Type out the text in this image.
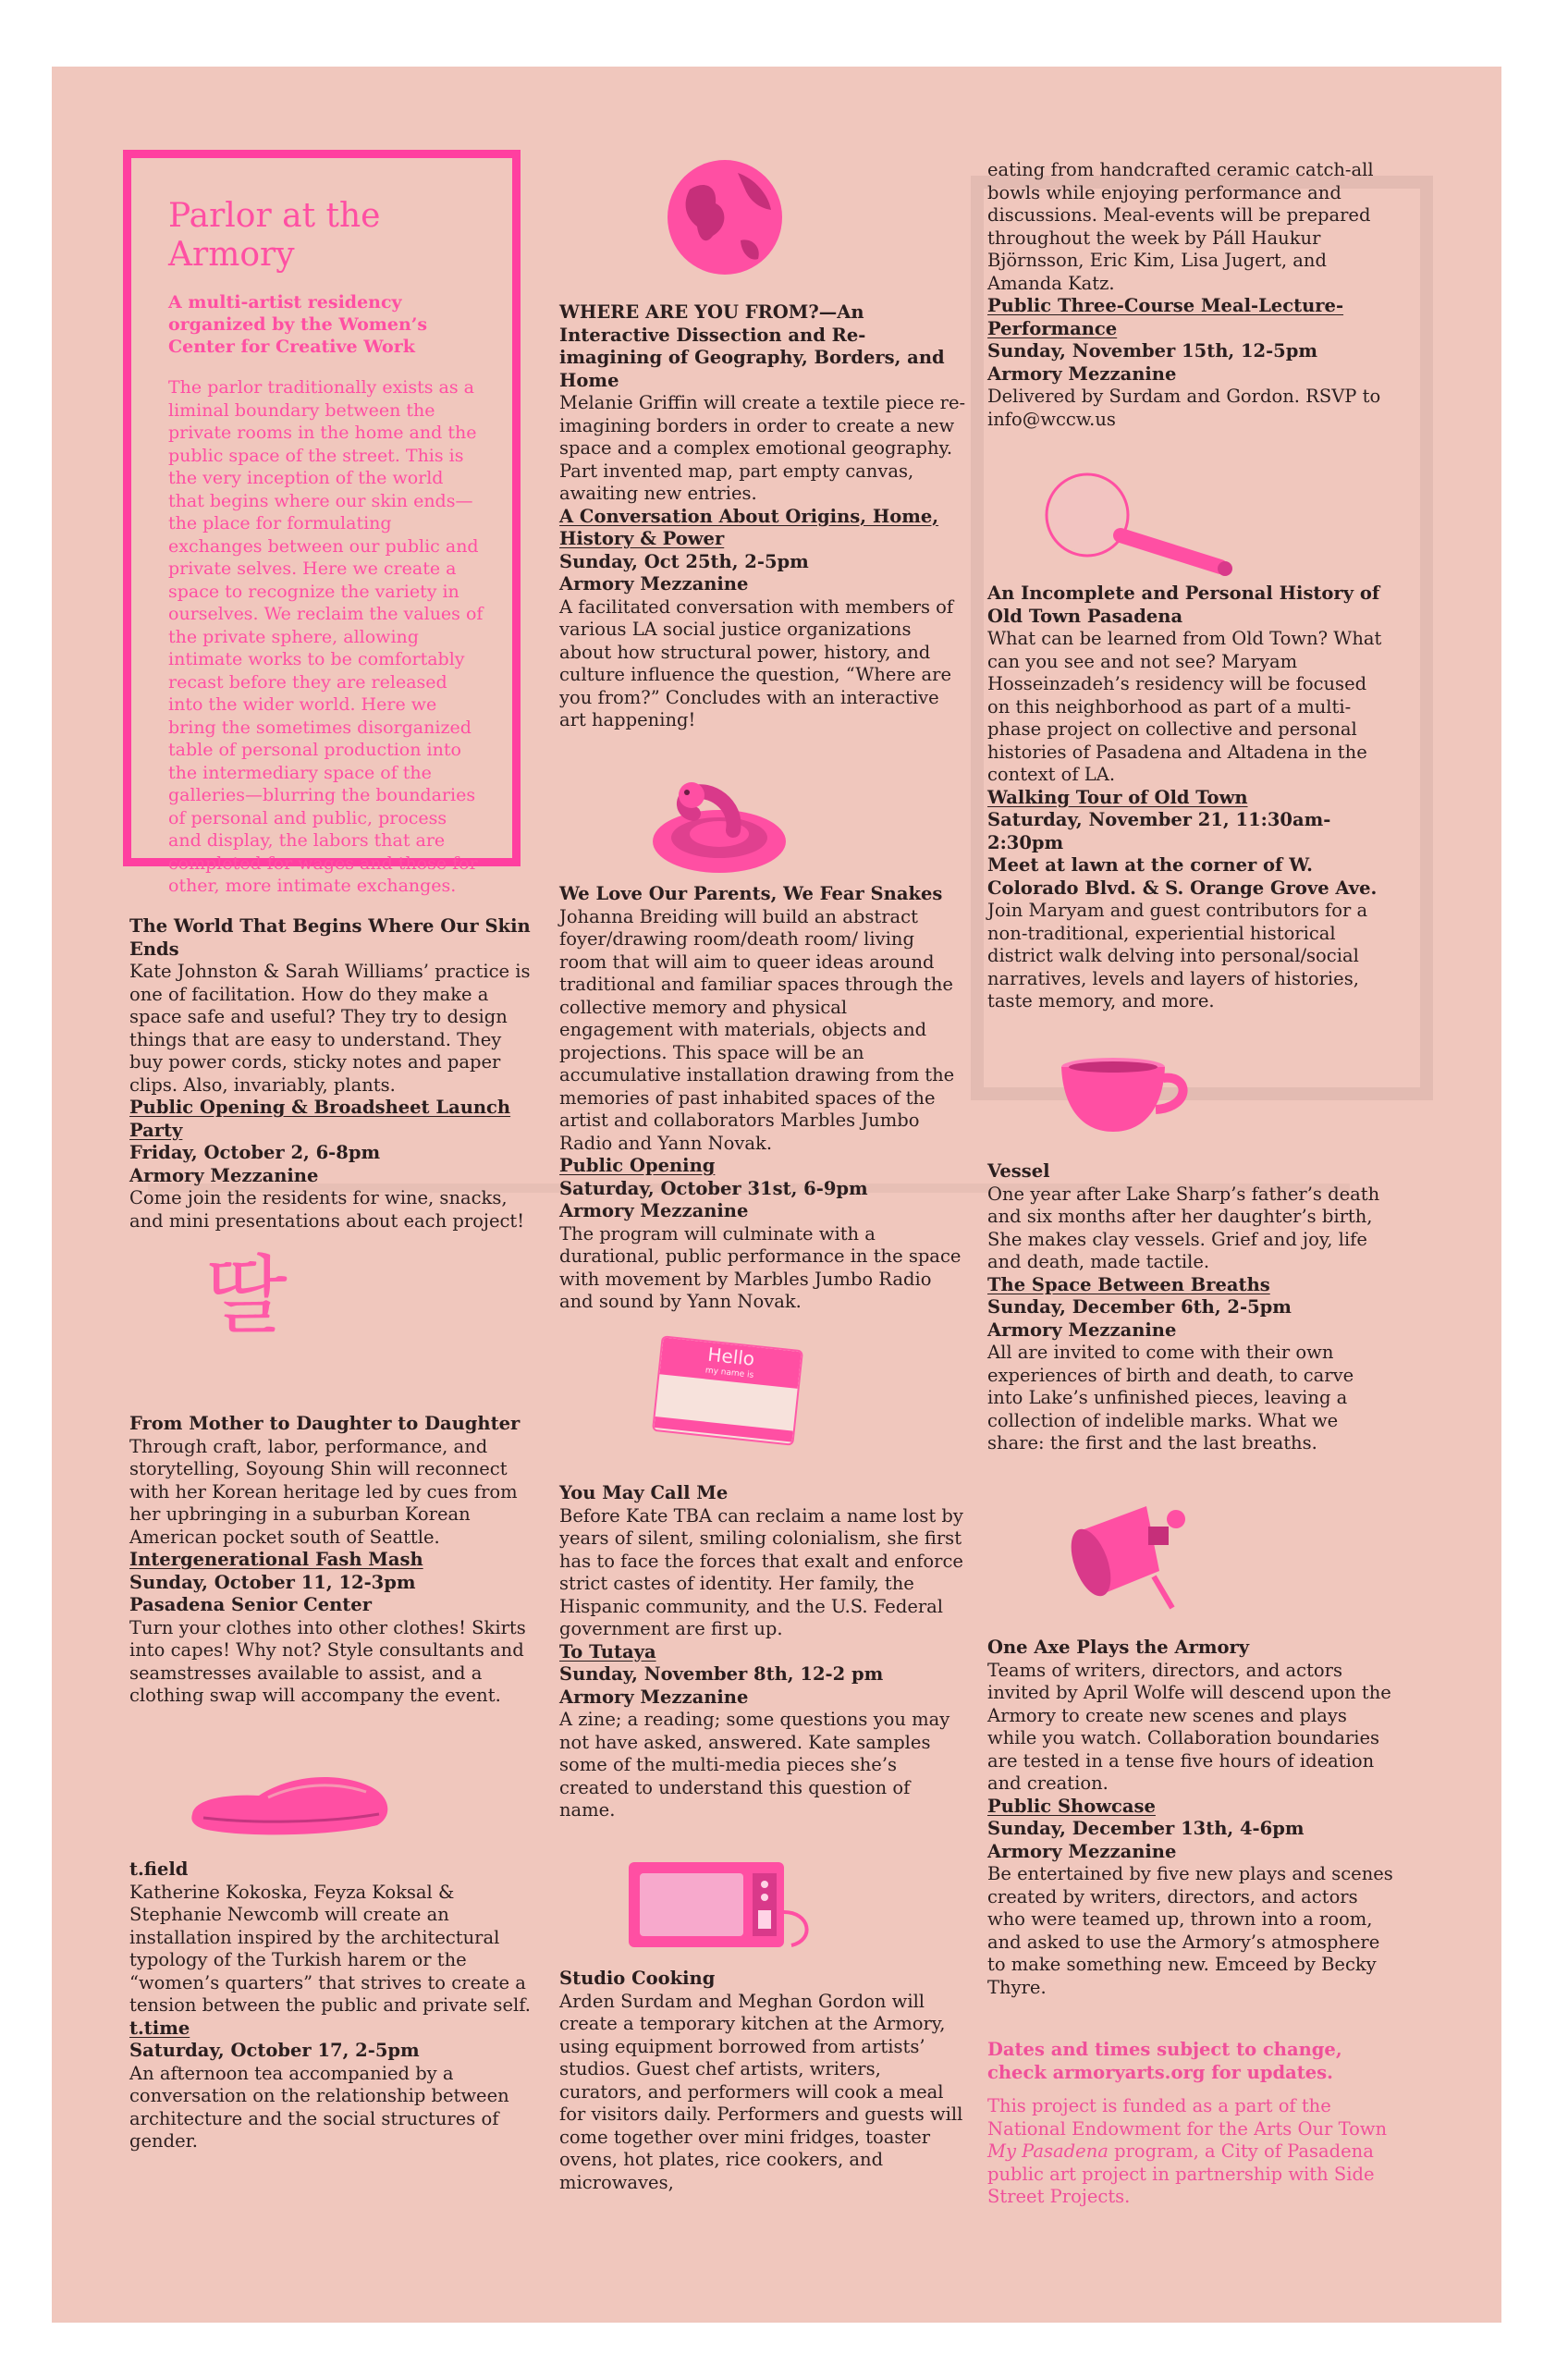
Parlor at the Armory
A multi-artist residency organized by the Women’s Center for Creative Work
The parlor traditionally exists as a liminal boundary between the private rooms in the home and the public space of the street. This is the very inception of the world that begins where our skin ends—the place for formulating exchanges between our public and private selves. Here we create a space to recognize the variety in ourselves. We reclaim the values of the private sphere, allowing intimate works to be comfortably recast before they are released into the wider world. Here we bring the sometimes disorganized table of personal production into the intermediary space of the galleries—blurring the boundaries of personal and public, process and display, the labors that are completed for wages and those for other, more intimate exchanges.
The World That Begins Where Our Skin Ends

Kate Johnston & Sarah Williams’ practice is one of facilitation. How do they make a space safe and useful? They try to design things that are easy to understand. They buy power cords, sticky notes and paper clips. Also, invariably, plants.

Public Opening & Broadsheet Launch Party
Friday, October 2, 6-8pm
Armory Mezzanine

Come join the residents for wine, snacks, and mini presentations about each project!

딸
From Mother to Daughter to Daughter

Through craft, labor, performance, and storytelling, Soyoung Shin will reconnect with her Korean heritage led by cues from her upbringing in a suburban Korean American pocket south of Seattle.

Intergenerational Fash Mash
Sunday, October 11, 12-3pm
Pasadena Senior Center

Turn your clothes into other clothes! Skirts into capes! Why not? Style consultants and seamstresses available to assist, and a clothing swap will accompany the event.

t.field

Katherine Kokoska, Feyza Koksal & Stephanie Newcomb will create an installation inspired by the architectural typology of the Turkish harem or the “women’s quarters” that strives to create a tension between the public and private self.

t.time
Saturday, October 17, 2-5pm

An afternoon tea accompanied by a conversation on the relationship between architecture and the social structures of gender.

WHERE ARE YOU FROM?—An Interactive Dissection and Re-imagining of Geography, Borders, and Home

Melanie Griffin will create a textile piece re-imagining borders in order to create a new space and a complex emotional geography. Part invented map, part empty canvas, awaiting new entries.

A Conversation About Origins, Home, History & Power
Sunday, Oct 25th, 2-5pm
Armory Mezzanine

A facilitated conversation with members of various LA social justice organizations about how structural power, history, and culture influence the question, “Where are you from?” Concludes with an interactive art happening!

We Love Our Parents, We Fear Snakes

Johanna Breiding will build an abstract foyer/drawing room/death room/ living room that will aim to queer ideas around traditional and familiar spaces through the collective memory and physical engagement with materials, objects and projections. This space will be an accumulative installation drawing from the memories of past inhabited spaces of the artist and collaborators Marbles Jumbo Radio and Yann Novak.

Public Opening
Saturday, October 31st, 6-9pm
Armory Mezzanine

The program will culminate with a durational, public performance in the space with movement by Marbles Jumbo Radio and sound by Yann Novak.

Hello
my name is
You May Call Me

Before Kate TBA can reclaim a name lost by years of silent, smiling colonialism, she first has to face the forces that exalt and enforce strict castes of identity. Her family, the Hispanic community, and the U.S. Federal government are first up.

To Tutaya
Sunday, November 8th, 12-2 pm
Armory Mezzanine

A zine; a reading; some questions you may not have asked, answered. Kate samples some of the multi-media pieces she’s created to understand this question of name.

Studio Cooking

Arden Surdam and Meghan Gordon will create a temporary kitchen at the Armory, using equipment borrowed from artists’ studios. Guest chef artists, writers, curators, and performers will cook a meal for visitors daily. Performers and guests will come together over mini fridges, toaster ovens, hot plates, rice cookers, and microwaves,

eating from handcrafted ceramic catch-all bowls while enjoying performance and discussions. Meal-events will be prepared throughout the week by Páll Haukur Björnsson, Eric Kim, Lisa Jugert, and Amanda Katz.

Public Three-Course Meal-Lecture-Performance
Sunday, November 15th, 12-5pm
Armory Mezzanine

Delivered by Surdam and Gordon. RSVP to info@wccw.us

An Incomplete and Personal History of Old Town Pasadena

What can be learned from Old Town? What can you see and not see? Maryam Hosseinzadeh’s residency will be focused on this neighborhood as part of a multi-phase project on collective and personal histories of Pasadena and Altadena in the context of LA.

Walking Tour of Old Town
Saturday, November 21, 11:30am-2:30pm
Meet at lawn at the corner of W. Colorado Blvd. & S. Orange Grove Ave.

Join Maryam and guest contributors for a non-traditional, experiential historical district walk delving into personal/social narratives, levels and layers of histories, taste memory, and more.

Vessel

One year after Lake Sharp’s father’s death and six months after her daughter’s birth, She makes clay vessels. Grief and joy, life and death, made tactile.

The Space Between Breaths
Sunday, December 6th, 2-5pm
Armory Mezzanine

All are invited to come with their own experiences of birth and death, to carve into Lake’s unfinished pieces, leaving a collection of indelible marks. What we share: the first and the last breaths.

One Axe Plays the Armory

Teams of writers, directors, and actors invited by April Wolfe will descend upon the Armory to create new scenes and plays while you watch. Collaboration boundaries are tested in a tense five hours of ideation and creation.

Public Showcase
Sunday, December 13th, 4-6pm
Armory Mezzanine

Be entertained by five new plays and scenes created by writers, directors, and actors who were teamed up, thrown into a room, and asked to use the Armory’s atmosphere to make something new. Emceed by Becky Thyre.

Dates and times subject to change, check armoryarts.org for updates.

This project is funded as a part of the National Endowment for the Arts Our Town My Pasadena program, a City of Pasadena public art project in partnership with Side Street Projects.
